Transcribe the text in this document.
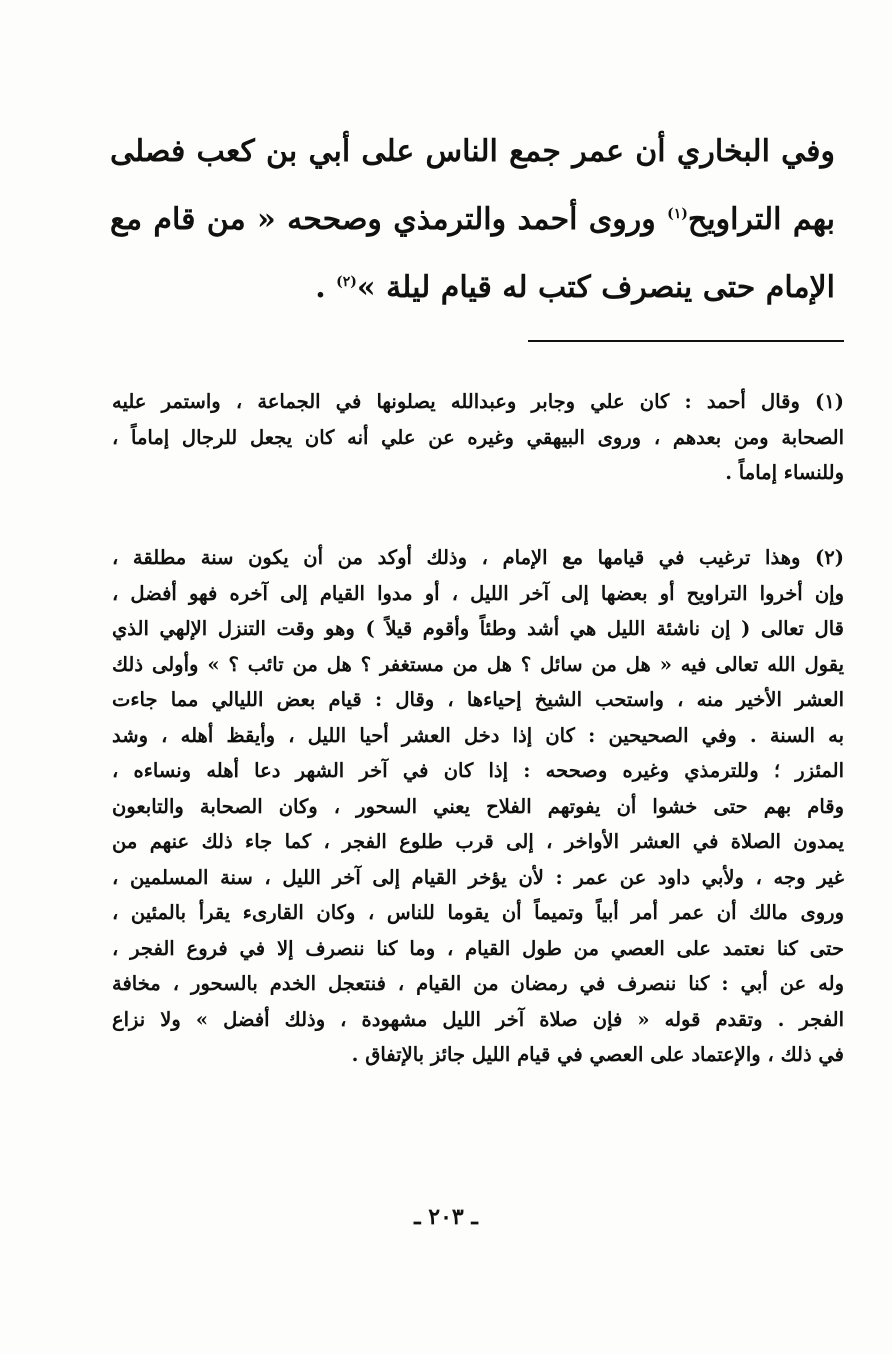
وفي البخاري أن عمر جمع الناس على أبي بن كعب فصلى
بهم التراويح$^{(١)}$ وروى أحمد والترمذي وصححه « من قام مع
الإمام حتى ينصرف كتب له قيام ليلة »$^{(٢)}$ .
(١) وقال أحمد : كان علي وجابر وعبدالله يصلونها في الجماعة ، واستمر عليه
الصحابة ومن بعدهم ، وروى البيهقي وغيره عن علي أنه كان يجعل للرجال إماماً ،
وللنساء إماماً .
(٢) وهذا ترغيب في قيامها مع الإمام ، وذلك أوكد من أن يكون سنة مطلقة ،
وإن أخروا التراويح أو بعضها إلى آخر الليل ، أو مدوا القيام إلى آخره فهو أفضل ،
قال تعالى ( إن ناشئة الليل هي أشد وطئاً وأقوم قيلاً ) وهو وقت التنزل الإلهي الذي
يقول الله تعالى فيه « هل من سائل ؟ هل من مستغفر ؟ هل من تائب ؟ » وأولى ذلك
العشر الأخير منه ، واستحب الشيخ إحياءها ، وقال : قيام بعض الليالي مما جاءت
به السنة . وفي الصحيحين : كان إذا دخل العشر أحيا الليل ، وأيقظ أهله ، وشد
المئزر ؛ وللترمذي وغيره وصححه : إذا كان في آخر الشهر دعا أهله ونساءه ،
وقام بهم حتى خشوا أن يفوتهم الفلاح يعني السحور ، وكان الصحابة والتابعون
يمدون الصلاة في العشر الأواخر ، إلى قرب طلوع الفجر ، كما جاء ذلك عنهم من
غير وجه ، ولأبي داود عن عمر : لأن يؤخر القيام إلى آخر الليل ، سنة المسلمين ،
وروى مالك أن عمر أمر أبياً وتميماً أن يقوما للناس ، وكان القارىء يقرأ بالمئين ،
حتى كنا نعتمد على العصي من طول القيام ، وما كنا ننصرف إلا في فروع الفجر ،
وله عن أبي : كنا ننصرف في رمضان من القيام ، فنتعجل الخدم بالسحور ، مخافة
الفجر . وتقدم قوله « فإن صلاة آخر الليل مشهودة ، وذلك أفضل » ولا نزاع
في ذلك ، والإعتماد على العصي في قيام الليل جائز بالإتفاق .
ـ ٢٠٣ ـ
